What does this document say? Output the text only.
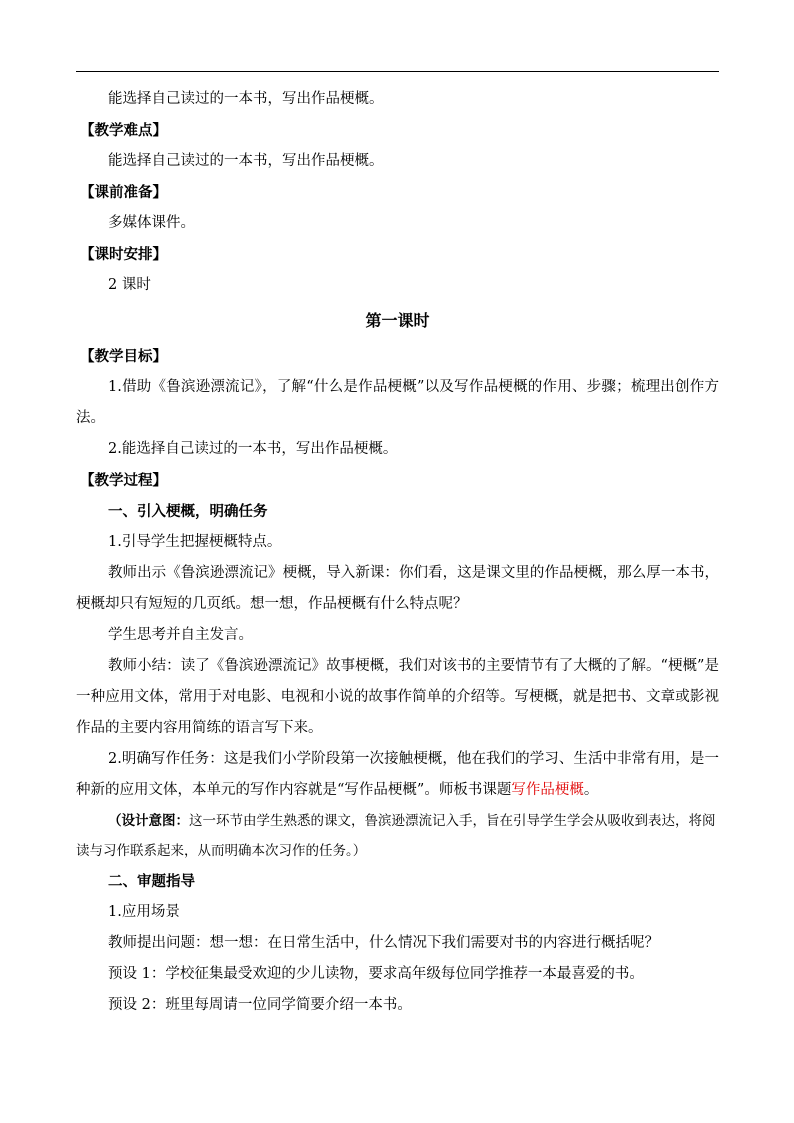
能选择自己读过的一本书，写出作品梗概。
【教学难点】
能选择自己读过的一本书，写出作品梗概。
【课前准备】
多媒体课件。
【课时安排】
2 课时
第一课时
【教学目标】
1.借助《鲁滨逊漂流记》，了解“什么是作品梗概”以及写作品梗概的作用、步骤；梳理出创作方法。
2.能选择自己读过的一本书，写出作品梗概。
【教学过程】
一、引入梗概，明确任务
1.引导学生把握梗概特点。
教师出示《鲁滨逊漂流记》梗概，导入新课：你们看，这是课文里的作品梗概，那么厚一本书，梗概却只有短短的几页纸。想一想，作品梗概有什么特点呢？
学生思考并自主发言。
教师小结：读了《鲁滨逊漂流记》故事梗概，我们对该书的主要情节有了大概的了解。“梗概”是一种应用文体，常用于对电影、电视和小说的故事作简单的介绍等。写梗概，就是把书、文章或影视作品的主要内容用简练的语言写下来。
2.明确写作任务：这是我们小学阶段第一次接触梗概，他在我们的学习、生活中非常有用，是一种新的应用文体，本单元的写作内容就是“写作品梗概”。师板书课题写作品梗概。
（设计意图：这一环节由学生熟悉的课文，鲁滨逊漂流记入手，旨在引导学生学会从吸收到表达，将阅读与习作联系起来，从而明确本次习作的任务。）
二、审题指导
1.应用场景
教师提出问题：想一想：在日常生活中，什么情况下我们需要对书的内容进行概括呢？
预设 1：学校征集最受欢迎的少儿读物，要求高年级每位同学推荐一本最喜爱的书。
预设 2：班里每周请一位同学简要介绍一本书。
